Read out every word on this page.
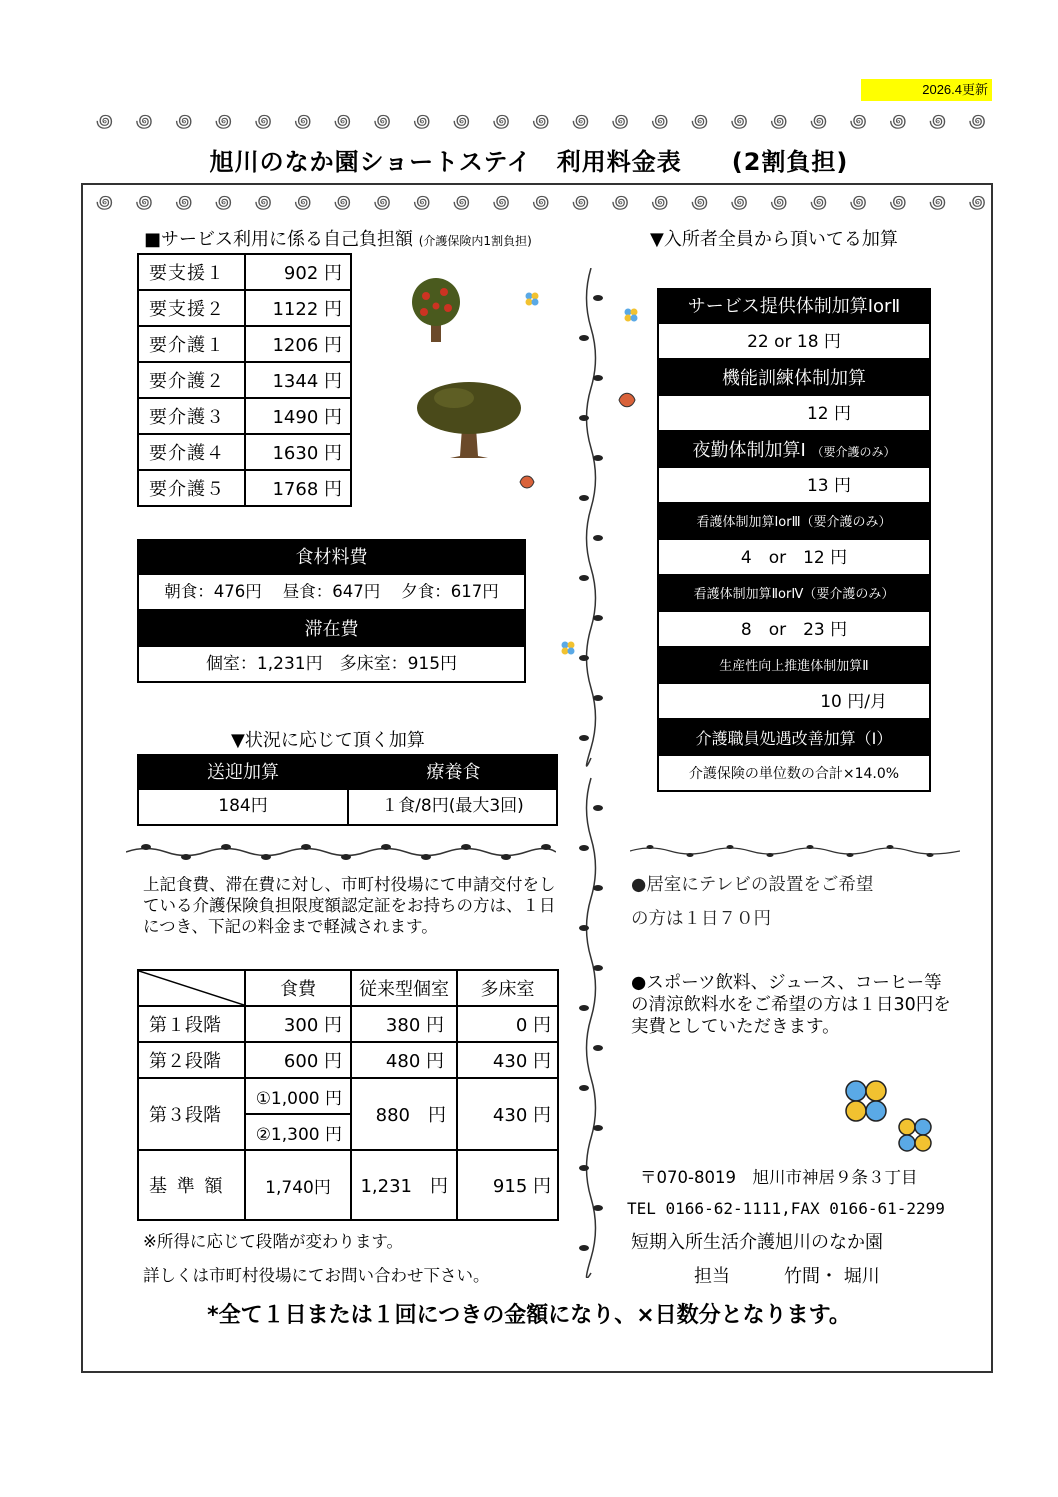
2026.4更新
꩜ ꩜ ꩜ ꩜ ꩜ ꩜ ꩜ ꩜ ꩜ ꩜ ꩜ ꩜ ꩜ ꩜ ꩜ ꩜ ꩜ ꩜ ꩜ ꩜ ꩜ ꩜ ꩜
旭川のなか園ショートステイ　利用料金表　　(2割負担)
꩜ ꩜ ꩜ ꩜ ꩜ ꩜ ꩜ ꩜ ꩜ ꩜ ꩜ ꩜ ꩜ ꩜ ꩜ ꩜ ꩜ ꩜ ꩜ ꩜ ꩜ ꩜ ꩜
■サービス利用に係る自己負担額 (介護保険内1割負担)
要支援１	902 円
要支援２	1122 円
要介護１	1206 円
要介護２	1344 円
要介護３	1490 円
要介護４	1630 円
要介護５	1768 円
食材料費
朝食：476円 昼食：647円 夕食：617円
滞在費
個室：1,231円　多床室：915円
▼状況に応じて頂く加算
送迎加算	療養食
184円	１食/8円(最大3回)
▼入所者全員から頂いてる加算
サービス提供体制加算ⅠorⅡ
22 or 18 円
機能訓練体制加算
12 円
夜勤体制加算Ⅰ （要介護のみ）
13 円
看護体制加算ⅠorⅢ（要介護のみ）
4　or　12 円
看護体制加算ⅡorⅣ（要介護のみ）
8　or　23 円
生産性向上推進体制加算Ⅱ
10 円/月
介護職員処遇改善加算（Ⅰ）
介護保険の単位数の合計×14.0%
上記食費、滞在費に対し、市町村役場にて申請交付をしている介護保険負担限度額認定証をお持ちの方は、１日につき、下記の料金まで軽減されます。
	食費	従来型個室	多床室
第１段階	300 円	380 円	0 円
第２段階	600 円	480 円	430 円
第３段階	①1,000 円	880　円	430 円
	②1,300 円		
基 準 額	1,740円	1,231　円	915 円
※所得に応じて段階が変わります。
詳しくは市町村役場にてお問い合わせ下さい。
●居室にテレビの設置をご希望
の方は１日７０円
●スポーツ飲料、ジュース、コーヒー等の清涼飲料水をご希望の方は１日30円を実費としていただきます。
〒070-8019　旭川市神居９条３丁目
TEL 0166-62-1111,FAX 0166-61-2299
短期入所生活介護旭川のなか園
担当　　　竹間・ 堀川
*全て１日または１回につきの金額になり、×日数分となります。
